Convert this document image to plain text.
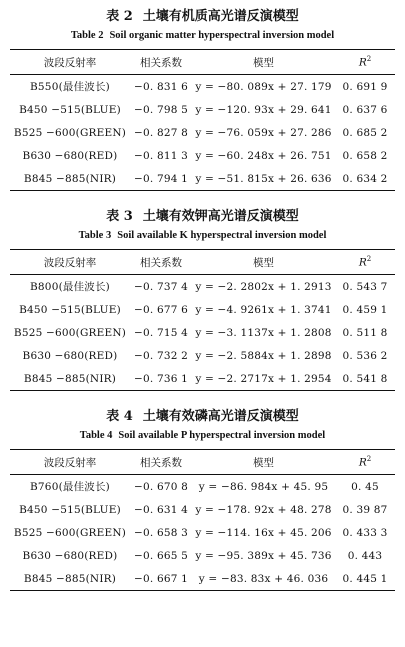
表 2 土壤有机质高光谱反演模型
Table 2 Soil organic matter hyperspectral inversion model
波段反射率	相关系数	模型	$R^2$
B550(最佳波长)	−0. 831 6	y = −80. 089x + 27. 179	0. 691 9
B450 −515(BLUE)	−0. 798 5	y = −120. 93x + 29. 641	0. 637 6
B525 −600(GREEN)	−0. 827 8	y = −76. 059x + 27. 286	0. 685 2
B630 −680(RED)	−0. 811 3	y = −60. 248x + 26. 751	0. 658 2
B845 −885(NIR)	−0. 794 1	y = −51. 815x + 26. 636	0. 634 2
表 3 土壤有效钾高光谱反演模型
Table 3 Soil available K hyperspectral inversion model
波段反射率	相关系数	模型	$R^2$
B800(最佳波长)	−0. 737 4	y = −2. 2802x + 1. 2913	0. 543 7
B450 −515(BLUE)	−0. 677 6	y = −4. 9261x + 1. 3741	0. 459 1
B525 −600(GREEN)	−0. 715 4	y = −3. 1137x + 1. 2808	0. 511 8
B630 −680(RED)	−0. 732 2	y = −2. 5884x + 1. 2898	0. 536 2
B845 −885(NIR)	−0. 736 1	y = −2. 2717x + 1. 2954	0. 541 8
表 4 土壤有效磷高光谱反演模型
Table 4 Soil available P hyperspectral inversion model
波段反射率	相关系数	模型	$R^2$
B760(最佳波长)	−0. 670 8	y = −86. 984x + 45. 95	0. 45
B450 −515(BLUE)	−0. 631 4	y = −178. 92x + 48. 278	0. 39 87
B525 −600(GREEN)	−0. 658 3	y = −114. 16x + 45. 206	0. 433 3
B630 −680(RED)	−0. 665 5	y = −95. 389x + 45. 736	0. 443
B845 −885(NIR)	−0. 667 1	y = −83. 83x + 46. 036	0. 445 1
